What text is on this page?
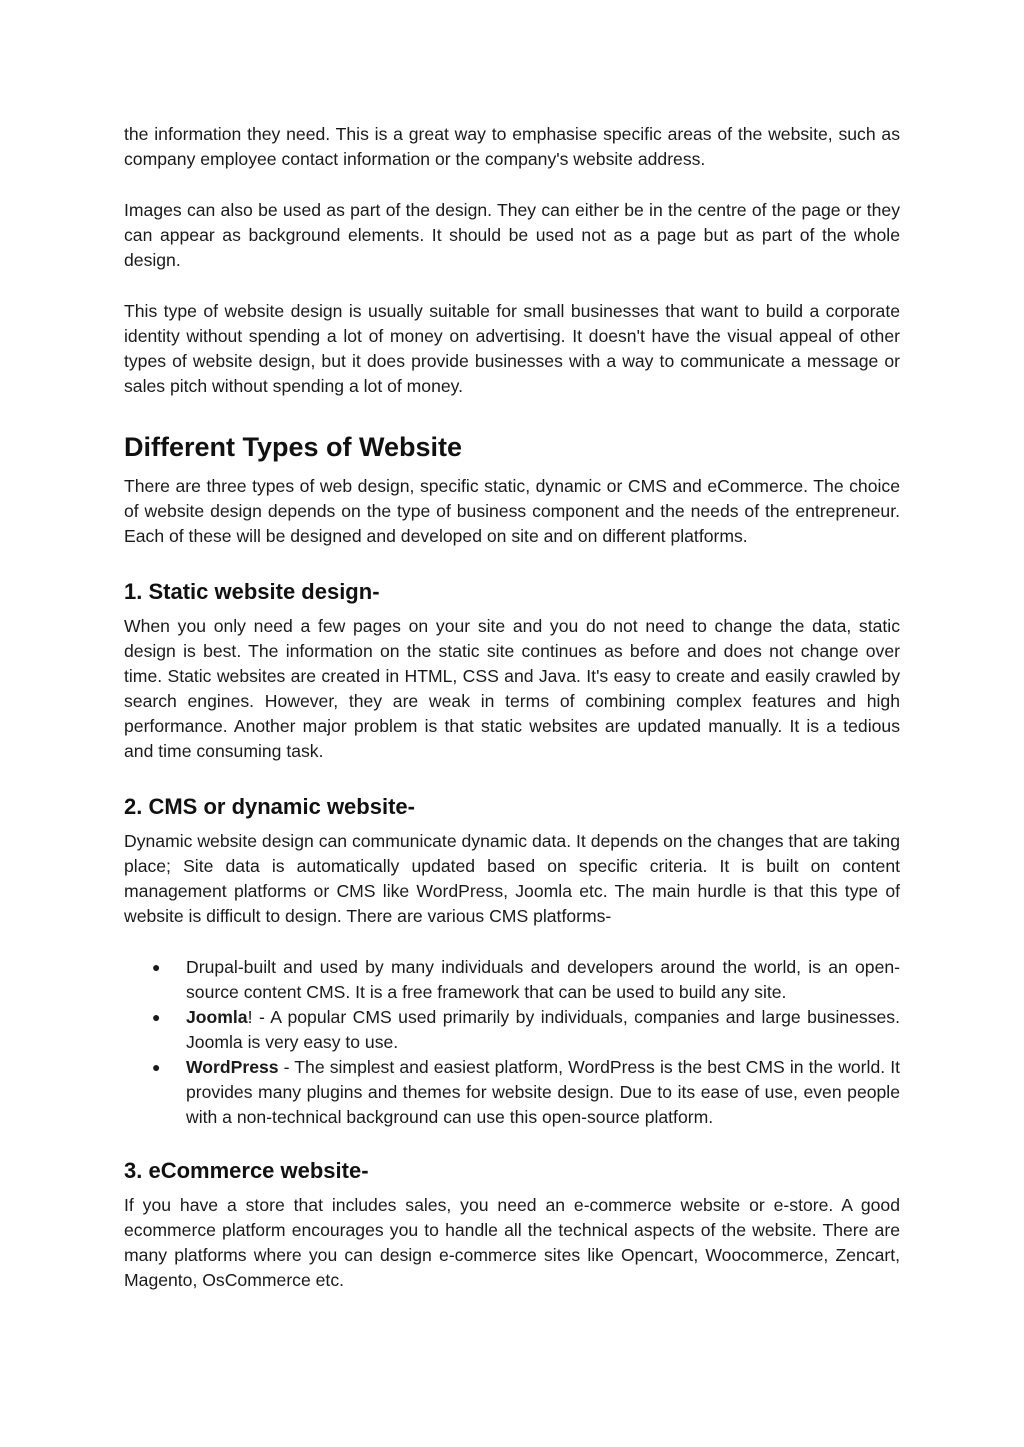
the information they need. This is a great way to emphasise specific areas of the website, such as company employee contact information or the company's website address.

Images can also be used as part of the design. They can either be in the centre of the page or they can appear as background elements. It should be used not as a page but as part of the whole design.

This type of website design is usually suitable for small businesses that want to build a corporate identity without spending a lot of money on advertising. It doesn't have the visual appeal of other types of website design, but it does provide businesses with a way to communicate a message or sales pitch without spending a lot of money.

Different Types of Website

There are three types of web design, specific static, dynamic or CMS and eCommerce. The choice of website design depends on the type of business component and the needs of the entrepreneur. Each of these will be designed and developed on site and on different platforms.

1. Static website design-

When you only need a few pages on your site and you do not need to change the data, static design is best. The information on the static site continues as before and does not change over time. Static websites are created in HTML, CSS and Java. It's easy to create and easily crawled by search engines. However, they are weak in terms of combining complex features and high performance. Another major problem is that static websites are updated manually. It is a tedious and time consuming task.

2. CMS or dynamic website-

Dynamic website design can communicate dynamic data. It depends on the changes that are taking place; Site data is automatically updated based on specific criteria. It is built on content management platforms or CMS like WordPress, Joomla etc. The main hurdle is that this type of website is difficult to design. There are various CMS platforms-

● Drupal-built and used by many individuals and developers around the world, is an open-source content CMS. It is a free framework that can be used to build any site.
● Joomla! - A popular CMS used primarily by individuals, companies and large businesses. Joomla is very easy to use.
● WordPress - The simplest and easiest platform, WordPress is the best CMS in the world. It provides many plugins and themes for website design. Due to its ease of use, even people with a non-technical background can use this open-source platform.
3. eCommerce website-

If you have a store that includes sales, you need an e-commerce website or e-store. A good ecommerce platform encourages you to handle all the technical aspects of the website. There are many platforms where you can design e-commerce sites like Opencart, Woocommerce, Zencart, Magento, OsCommerce etc.
